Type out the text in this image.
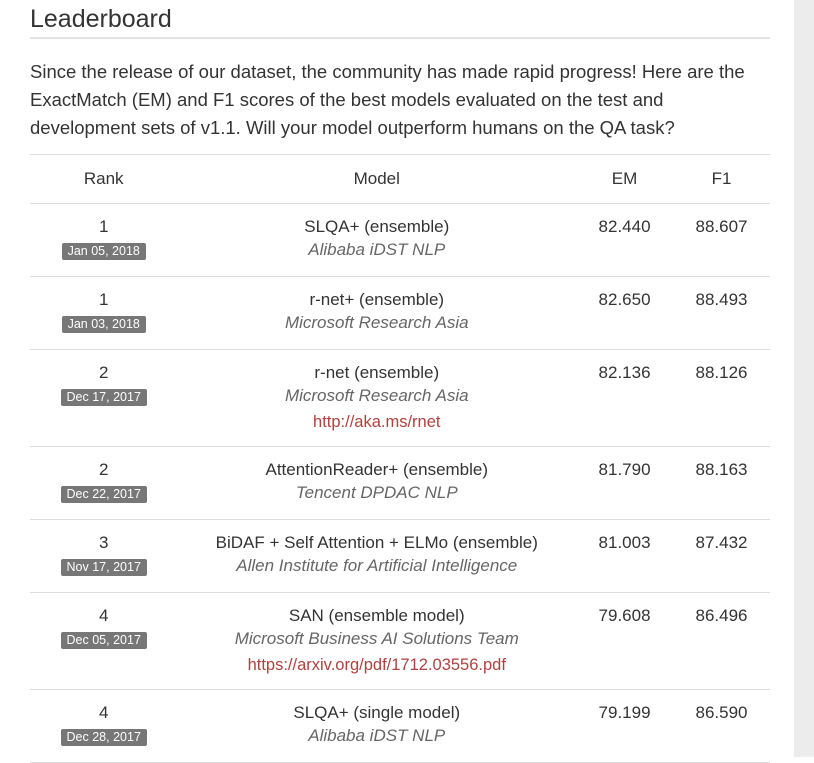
Leaderboard

Since the release of our dataset, the community has made rapid progress! Here are the ExactMatch (EM) and F1 scores of the best models evaluated on the test and development sets of v1.1. Will your model outperform humans on the QA task?

Rank	Model	EM	F1

1
Jan 05, 2018	SLQA+ (ensemble)
Alibaba iDST NLP	82.440	88.607

1
Jan 03, 2018	r-net+ (ensemble)
Microsoft Research Asia	82.650	88.493

2
Dec 17, 2017	r-net (ensemble)
Microsoft Research Asia
http://aka.ms/rnet	82.136	88.126

2
Dec 22, 2017	AttentionReader+ (ensemble)
Tencent DPDAC NLP	81.790	88.163

3
Nov 17, 2017	BiDAF + Self Attention + ELMo (ensemble)
Allen Institute for Artificial Intelligence	81.003	87.432

4
Dec 05, 2017	SAN (ensemble model)
Microsoft Business AI Solutions Team
https://arxiv.org/pdf/1712.03556.pdf	79.608	86.496

4
Dec 28, 2017	SLQA+ (single model)
Alibaba iDST NLP	79.199	86.590
